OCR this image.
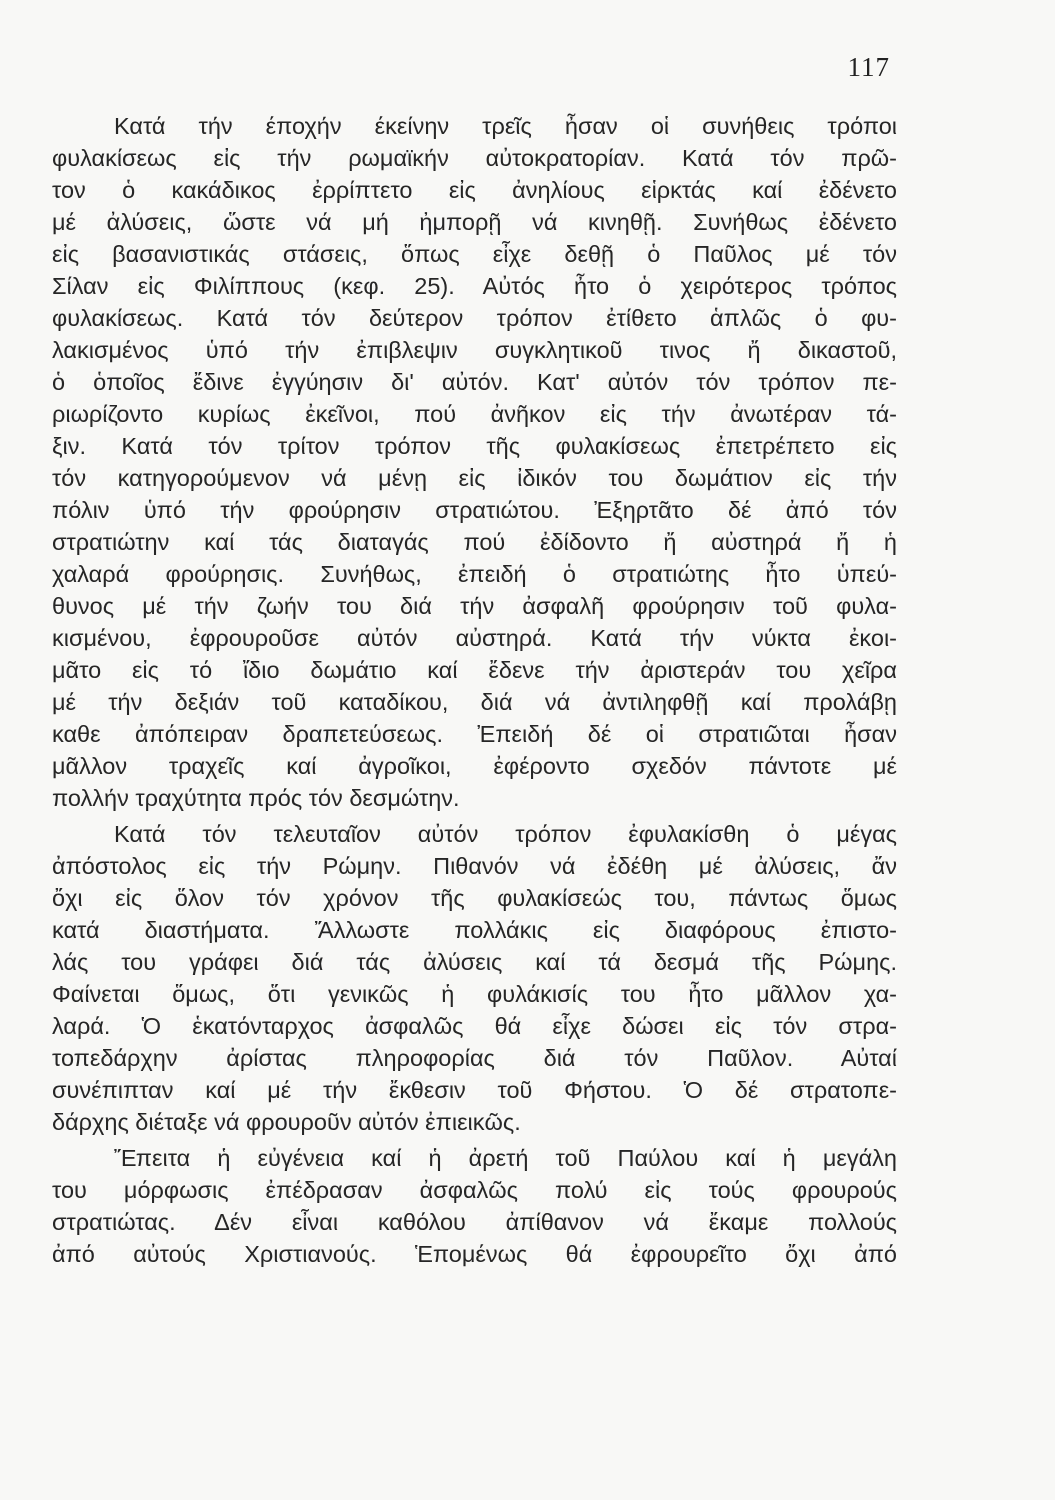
117
Κατά τήν έποχήν έκείνην τρεῖς ἦσαν οἱ συνήθεις τρόποι
φυλακίσεως εἰς τήν ρωμαϊκήν αὐτοκρατορίαν. Κατά τόν πρῶ-
τον ὁ κακάδικος ἐρρίπτετο εἰς ἀνηλίους εἱρκτάς καί ἐδένετο
μέ ἀλύσεις, ὥστε νά μή ἠμπορῇ νά κινηθῇ. Συνήθως ἐδένετο
εἰς βασανιστικάς στάσεις, ὅπως εἶχε δεθῇ ὁ Παῦλος μέ τόν
Σίλαν εἰς Φιλίππους (κεφ. 25). Αὐτός ἦτο ὁ χειρότερος τρόπος
φυλακίσεως. Κατά τόν δεύτερον τρόπον ἐτίθετο ἁπλῶς ὁ φυ-
λακισμένος ὑπό τήν ἐπιβλεψιν συγκλητικοῦ τινος ἤ δικαστοῦ,
ὁ ὁποῖος ἔδινε ἐγγύησιν δι' αὐτόν. Κατ' αὐτόν τόν τρόπον πε-
ριωρίζοντο κυρίως ἐκεῖνοι, πού ἀνῆκον εἰς τήν ἀνωτέραν τά-
ξιν. Κατά τόν τρίτον τρόπον τῆς φυλακίσεως ἐπετρέπετο εἰς
τόν κατηγορούμενον νά μένῃ εἰς ἰδικόν του δωμάτιον εἰς τήν
πόλιν ὑπό τήν φρούρησιν στρατιώτου. Ἐξηρτᾶτο δέ ἀπό τόν
στρατιώτην καί τάς διαταγάς πού ἐδίδοντο ἤ αὐστηρά ἤ ἡ
χαλαρά φρούρησις. Συνήθως, ἐπειδή ὁ στρατιώτης ἦτο ὑπεύ-
θυνος μέ τήν ζωήν του διά τήν ἀσφαλῆ φρούρησιν τοῦ φυλα-
κισμένου, ἐφρουροῦσε αὐτόν αὐστηρά. Κατά τήν νύκτα ἐκοι-
μᾶτο εἰς τό ἴδιο δωμάτιο καί ἔδενε τήν ἀριστεράν του χεῖρα
μέ τήν δεξιάν τοῦ καταδίκου, διά νά ἀντιληφθῇ καί προλάβῃ
καθε ἀπόπειραν δραπετεύσεως. Ἐπειδή δέ οἱ στρατιῶται ἦσαν
μᾶλλον τραχεῖς καί ἀγροῖκοι, ἐφέροντο σχεδόν πάντοτε μέ
πολλήν τραχύτητα πρός τόν δεσμώτην.
Κατά τόν τελευταῖον αὐτόν τρόπον ἐφυλακίσθη ὁ μέγας
ἀπόστολος εἰς τήν Ρώμην. Πιθανόν νά ἐδέθη μέ ἀλύσεις, ἄν
ὄχι εἰς ὅλον τόν χρόνον τῆς φυλακίσεώς του, πάντως ὅμως
κατά διαστήματα. Ἄλλωστε πολλάκις εἰς διαφόρους ἐπιστο-
λάς του γράφει διά τάς ἀλύσεις καί τά δεσμά τῆς Ρώμης.
Φαίνεται ὅμως, ὅτι γενικῶς ἡ φυλάκισίς του ἦτο μᾶλλον χα-
λαρά. Ὁ ἑκατόνταρχος ἀσφαλῶς θά εἶχε δώσει εἰς τόν στρα-
τοπεδάρχην ἀρίστας πληροφορίας διά τόν Παῦλον. Αὐταί
συνέπιπταν καί μέ τήν ἔκθεσιν τοῦ Φήστου. Ὁ δέ στρατοπε-
δάρχης διέταξε νά φρουροῦν αὐτόν ἐπιεικῶς.
Ἔπειτα ἡ εὐγένεια καί ἡ ἀρετή τοῦ Παύλου καί ἡ μεγάλη
του μόρφωσις ἐπέδρασαν ἀσφαλῶς πολύ εἰς τούς φρουρούς
στρατιώτας. Δέν εἶναι καθόλου ἀπίθανον νά ἔκαμε πολλούς
ἀπό αὐτούς Χριστιανούς. Ἑπομένως θά ἐφρουρεῖτο ὄχι ἀπό
